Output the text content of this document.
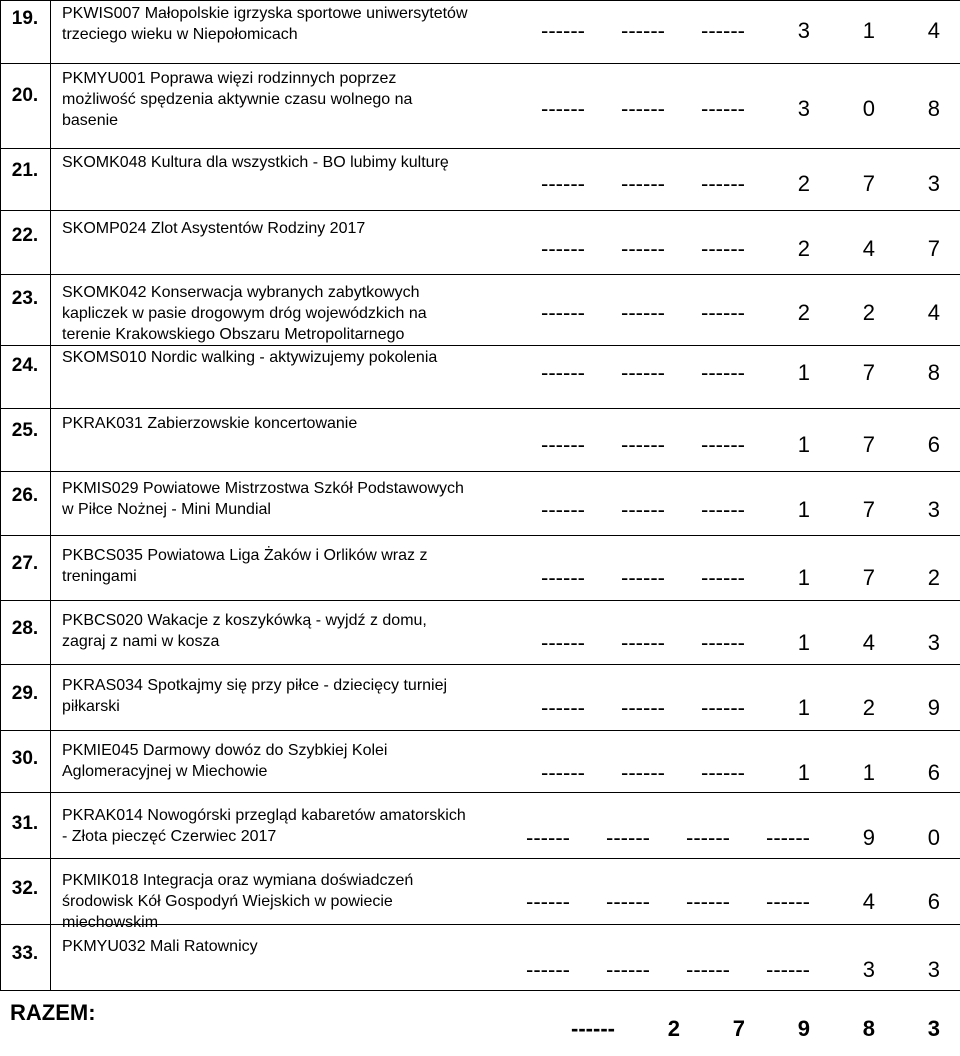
19.	PKWIS007 Małopolskie igrzyska sportowe uniwersytetów
trzeciego wieku w Niepołomicach	------	------	------	3	1	4
20.
PKMYU001 Poprawa więzi rodzinnych poprzez
możliwość spędzenia aktywnie czasu wolnego na
basenie	------	------	------	3	0	8
21.	SKOMK048 Kultura dla wszystkich - BO lubimy kulturę
------	------	------	2	7	3
22.	SKOMP024 Zlot Asystentów Rodziny 2017
------	------	------	2	4	7
23.	SKOMK042 Konserwacja wybranych zabytkowych
kapliczek w pasie drogowym dróg wojewódzkich na
terenie Krakowskiego Obszaru Metropolitarnego
------	------	------	2	2	4
24.	SKOMS010 Nordic walking - aktywizujemy pokolenia
------	------	------	1	7	8
25.	PKRAK031 Zabierzowskie koncertowanie
------	------	------	1	7	6
26.	PKMIS029 Powiatowe Mistrzostwa Szkół Podstawowych
w Piłce Nożnej - Mini Mundial	------	------	------	1	7	3
27.	PKBCS035 Powiatowa Liga Żaków i Orlików wraz z
treningami	------	------	------	1	7	2
28.	PKBCS020 Wakacje z koszykówką - wyjdź z domu,
zagraj z nami w kosza	------	------	------	1	4	3
29.	PKRAS034 Spotkajmy się przy piłce - dziecięcy turniej
piłkarski	------	------	------	1	2	9
30.	PKMIE045 Darmowy dowóz do Szybkiej Kolei
Aglomeracyjnej w Miechowie	------	------	------	1	1	6
31.	PKRAK014 Nowogórski przegląd kabaretów amatorskich
- Złota pieczęć Czerwiec 2017	------	------	------	------	9	0
32.	PKMIK018 Integracja oraz wymiana doświadczeń
środowisk Kół Gospodyń Wiejskich w powiecie
miechowskim
------	------	------	------	4	6
33.	PKMYU032 Mali Ratownicy
------	------	------	------	3	3
RAZEM:
------	2	7	9	8	3
